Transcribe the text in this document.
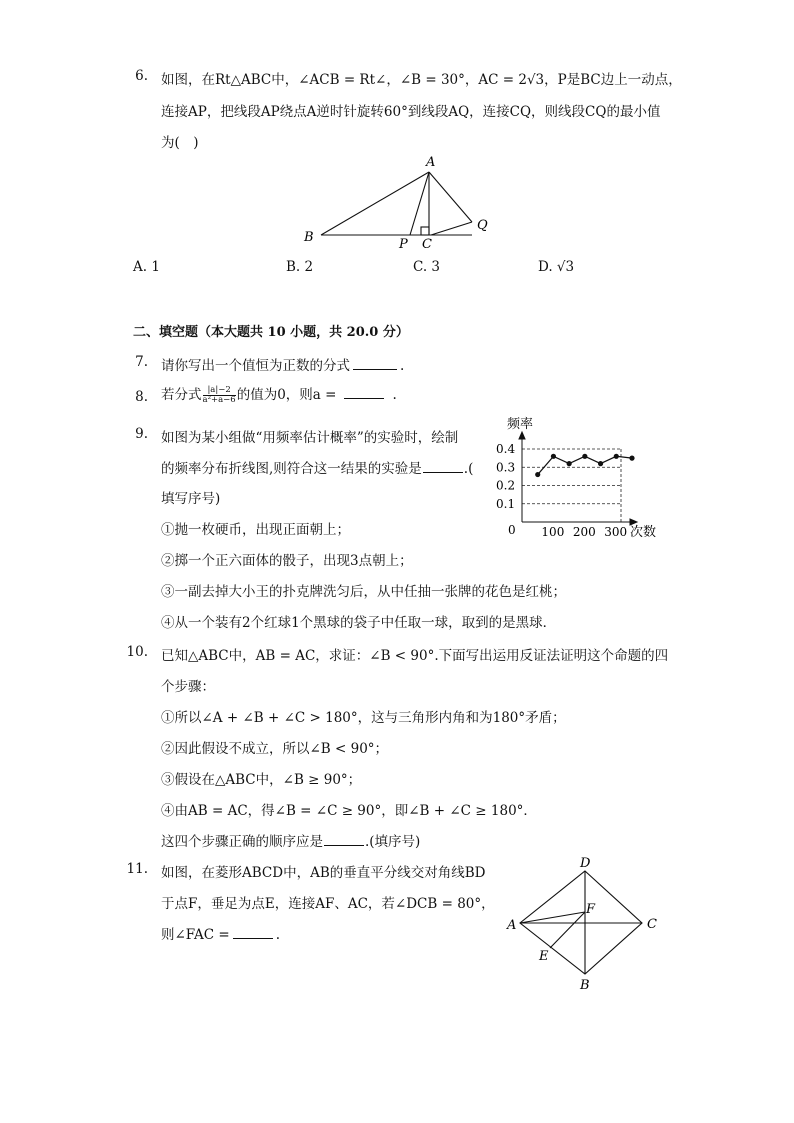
6. 如图，在Rt△ABC中，∠ACB = Rt∠，∠B = 30°，AC = 2√3，P是BC边上一动点，
连接AP，把线段AP绕点A逆时针旋转60°到线段AQ，连接CQ，则线段CQ的最小值
为(　)
A
B	P C
Q
A. 1	B. 2	C. 3	D. √3
二、填空题（本大题共 10 小题，共 20.0 分）
7. 请你写出一个值恒为正数的分式	.
8. 若分式 $\frac{|a|-2}{\text{a²+a−6}}$ 的值为0，则a =	.
9. 如图为某小组做“用频率估计概率”的实验时，绘制
的频率分布折线图,则符合这一结果的实验是	.(
填写序号)
①抛一枚硬币，出现正面朝上；
②掷一个正六面体的骰子，出现3点朝上；
③一副去掉大小王的扑克牌洗匀后，从中任抽一张牌的花色是红桃；
④从一个装有2个红球1个黑球的袋子中任取一球，取到的是黑球．
0.4
0.3
0.2
0.1
100 200 300
频率
次数
0
10. 已知△ABC中，AB = AC，求证：∠B < 90°.下面写出运用反证法证明这个命题的四
个步骤：
①所以∠A + ∠B + ∠C > 180°，这与三角形内角和为180°矛盾；
②因此假设不成立，所以∠B < 90°；
③假设在△ABC中，∠B ≥ 90°；
④由AB = AC，得∠B = ∠C ≥ 90°，即∠B + ∠C ≥ 180°．
这四个步骤正确的顺序应是	.(填序号)
11. 如图，在菱形ABCD中，AB的垂直平分线交对角线BD
于点F，垂足为点E，连接AF、AC，若∠DCB = 80°，
则∠FAC =	.
D
A	C
B
F
E
